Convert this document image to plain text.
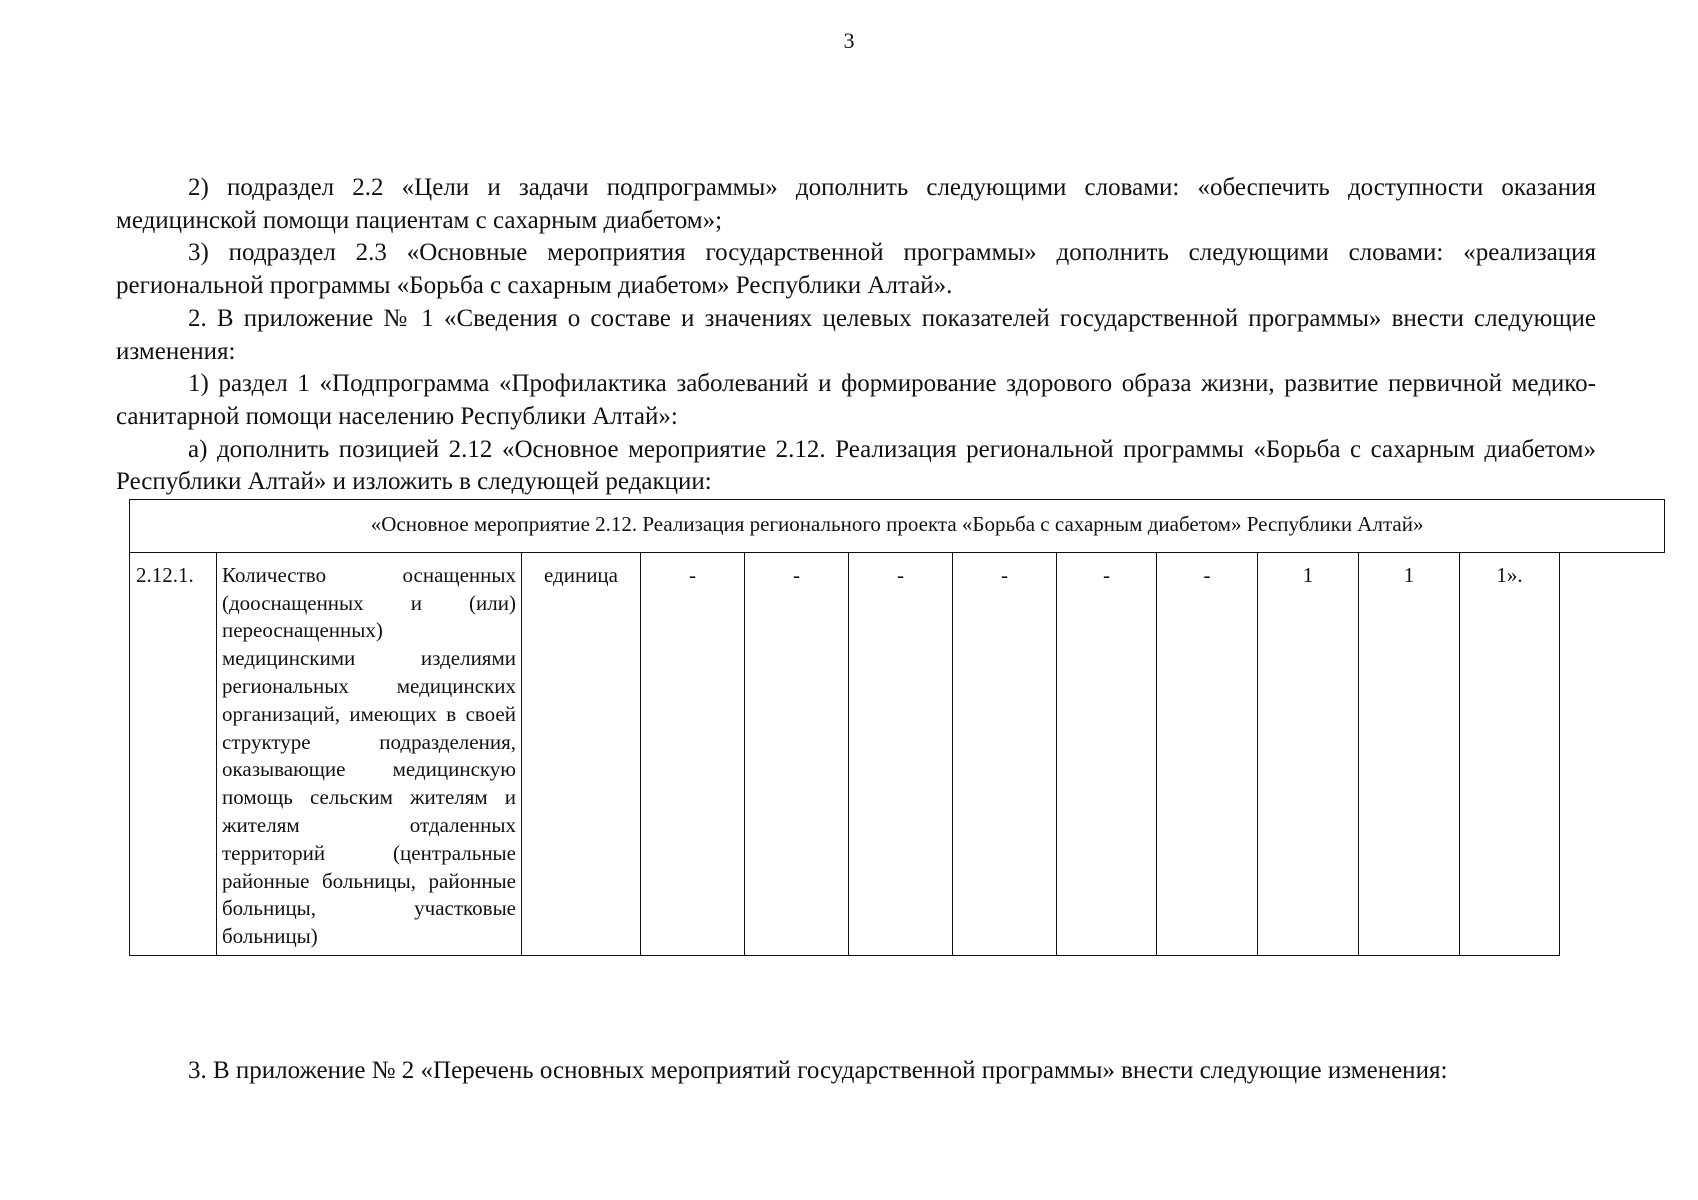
3

2) подраздел 2.2 «Цели и задачи подпрограммы» дополнить следующими словами: «обеспечить доступности оказания медицинской помощи пациентам с сахарным диабетом»;

3) подраздел 2.3 «Основные мероприятия государственной программы» дополнить следующими словами: «реализация региональной программы «Борьба с сахарным диабетом» Республики Алтай».

2. В приложение № 1 «Сведения о составе и значениях целевых показателей государственной программы» внести следующие изменения:

1) раздел 1 «Подпрограмма «Профилактика заболеваний и формирование здорового образа жизни, развитие первичной медико-санитарной помощи населению Республики Алтай»:

а) дополнить позицией 2.12 «Основное мероприятие 2.12. Реализация региональной программы «Борьба с сахарным диабетом» Республики Алтай» и изложить в следующей редакции:

«Основное мероприятие 2.12. Реализация регионального проекта «Борьба с сахарным диабетом» Республики Алтай»
2.12.1.	Количество оснащенных (дооснащенных и (или) переоснащенных) медицинскими изделиями региональных медицинских организаций, имеющих в своей структуре подразделения, оказывающие медицинскую помощь сельским жителям и жителям отдаленных территорий (центральные районные больницы, районные больницы, участковые больницы)	единица	-	-	-	-	-	-	1	1	1».

3. В приложение № 2 «Перечень основных мероприятий государственной программы» внести следующие изменения:
